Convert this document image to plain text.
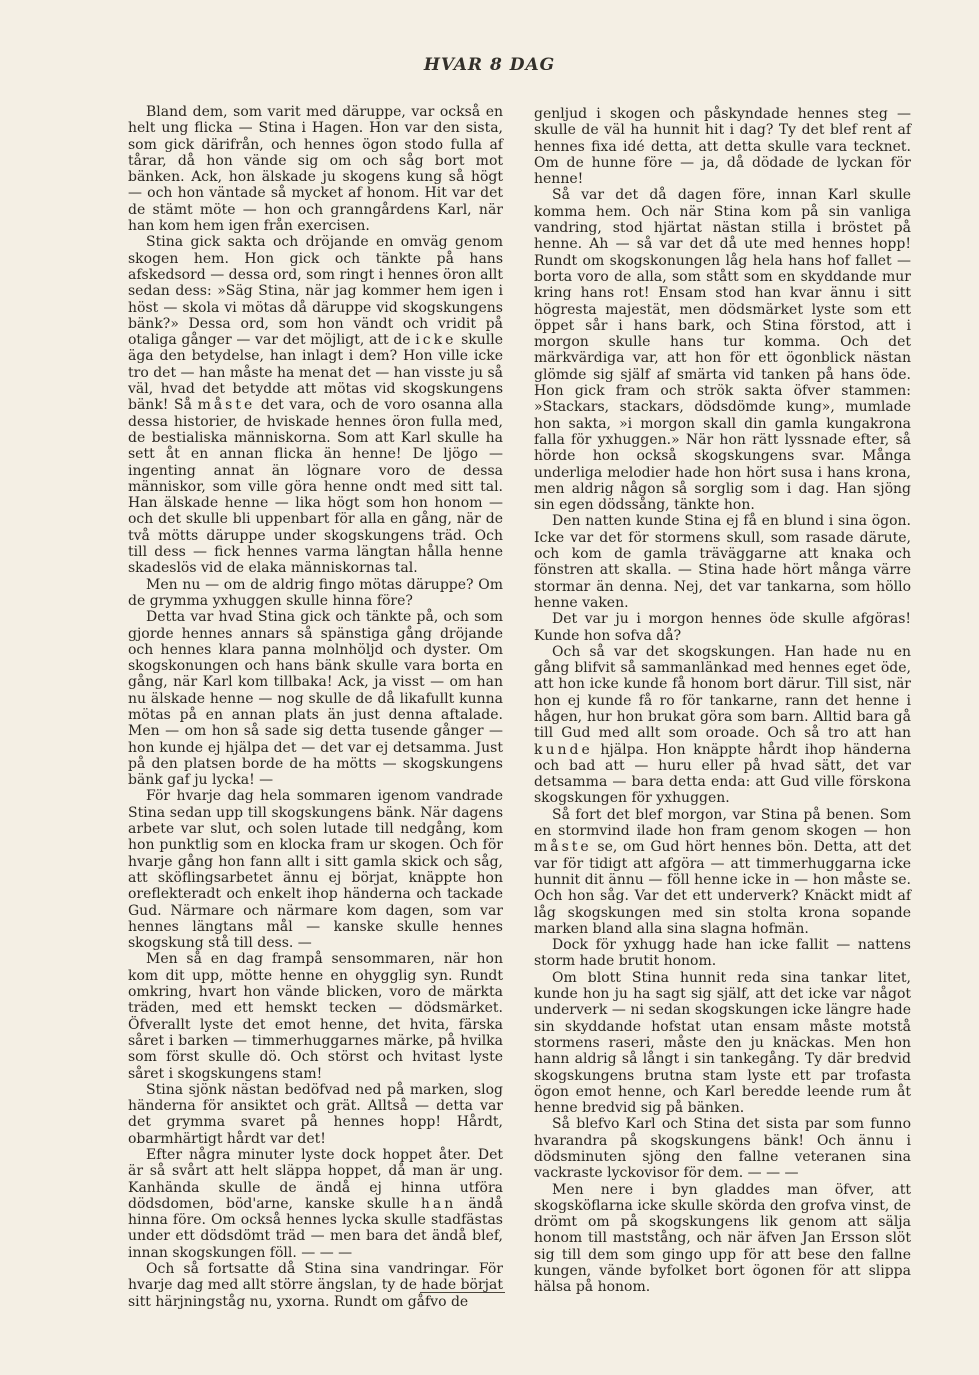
HVAR 8 DAG

Bland dem, som varit med däruppe, var också en helt ung flicka — Stina i Hagen. Hon var den sista, som gick därifrån, och hennes ögon stodo fulla af tårar, då hon vände sig om och såg bort mot bänken. Ack, hon älskade ju skogens kung så högt — och hon väntade så mycket af honom. Hit var det de stämt möte — hon och granngårdens Karl, när han kom hem igen från exercisen.

Stina gick sakta och dröjande en omväg genom skogen hem. Hon gick och tänkte på hans afskedsord — dessa ord, som ringt i hennes öron allt sedan dess: »Säg Stina, när jag kommer hem igen i höst — skola vi mötas då däruppe vid skogskungens bänk?» Dessa ord, som hon vändt och vridit på otaliga gånger — var det möjligt, att de icke skulle äga den betydelse, han inlagt i dem? Hon ville icke tro det — han måste ha menat det — han visste ju så väl, hvad det betydde att mötas vid skogskungens bänk! Så måste det vara, och de voro osanna alla dessa historier, de hviskade hennes öron fulla med, de bestialiska människorna. Som att Karl skulle ha sett åt en annan flicka än henne! De ljögo — ingenting annat än lögnare voro de dessa människor, som ville göra henne ondt med sitt tal. Han älskade henne — lika högt som hon honom — och det skulle bli uppenbart för alla en gång, när de två mötts däruppe under skogskungens träd. Och till dess — fick hennes varma längtan hålla henne skadeslös vid de elaka människornas tal.

Men nu — om de aldrig fingo mötas däruppe? Om de grymma yxhuggen skulle hinna före?

Detta var hvad Stina gick och tänkte på, och som gjorde hennes annars så spänstiga gång dröjande och hennes klara panna molnhöljd och dyster. Om skogskonungen och hans bänk skulle vara borta en gång, när Karl kom tillbaka! Ack, ja visst — om han nu älskade henne — nog skulle de då likafullt kunna mötas på en annan plats än just denna aftalade. Men — om hon så sade sig detta tusende gånger — hon kunde ej hjälpa det — det var ej detsamma. Just på den platsen borde de ha mötts — skogskungens bänk gaf ju lycka! —

För hvarje dag hela sommaren igenom vandrade Stina sedan upp till skogskungens bänk. När dagens arbete var slut, och solen lutade till nedgång, kom hon punktlig som en klocka fram ur skogen. Och för hvarje gång hon fann allt i sitt gamla skick och såg, att sköflingsarbetet ännu ej börjat, knäppte hon oreflekteradt och enkelt ihop händerna och tackade Gud. Närmare och närmare kom dagen, som var hennes längtans mål — kanske skulle hennes skogskung stå till dess. —

Men så en dag frampå sensommaren, när hon kom dit upp, mötte henne en ohygglig syn. Rundt omkring, hvart hon vände blicken, voro de märkta träden, med ett hemskt tecken — dödsmärket. Öfverallt lyste det emot henne, det hvita, färska såret i barken — timmerhuggarnes märke, på hvilka som först skulle dö. Och störst och hvitast lyste såret i skogskungens stam!

Stina sjönk nästan bedöfvad ned på marken, slog händerna för ansiktet och grät. Alltså — detta var det grymma svaret på hennes hopp! Hårdt, obarmhärtigt hårdt var det!

Efter några minuter lyste dock hoppet åter. Det är så svårt att helt släppa hoppet, då man är ung. Kanhända skulle de ändå ej hinna utföra dödsdomen, böd'arne, kanske skulle han ändå hinna före. Om också hennes lycka skulle stadfästas under ett dödsdömt träd — men bara det ändå blef, innan skogskungen föll. — — —

Och så fortsatte då Stina sina vandringar. För hvarje dag med allt större ängslan, ty de hade börjat sitt härjningståg nu, yxorna. Rundt om gåfvo de

genljud i skogen och påskyndade hennes steg — skulle de väl ha hunnit hit i dag? Ty det blef rent af hennes fixa idé detta, att detta skulle vara tecknet. Om de hunne före — ja, då dödade de lyckan för henne!

Så var det då dagen före, innan Karl skulle komma hem. Och när Stina kom på sin vanliga vandring, stod hjärtat nästan stilla i bröstet på henne. Ah — så var det då ute med hennes hopp! Rundt om skogskonungen låg hela hans hof fallet — borta voro de alla, som stått som en skyddande mur kring hans rot! Ensam stod han kvar ännu i sitt högresta majestät, men dödsmärket lyste som ett öppet sår i hans bark, och Stina förstod, att i morgon skulle hans tur komma. Och det märkvärdiga var, att hon för ett ögonblick nästan glömde sig själf af smärta vid tanken på hans öde. Hon gick fram och strök sakta öfver stammen: »Stackars, stackars, dödsdömde kung», mumlade hon sakta, »i morgon skall din gamla kungakrona falla för yxhuggen.» När hon rätt lyssnade efter, så hörde hon också skogskungens svar. Många underliga melodier hade hon hört susa i hans krona, men aldrig någon så sorglig som i dag. Han sjöng sin egen dödssång, tänkte hon.

Den natten kunde Stina ej få en blund i sina ögon. Icke var det för stormens skull, som rasade därute, och kom de gamla träväggarne att knaka och fönstren att skalla. — Stina hade hört många värre stormar än denna. Nej, det var tankarna, som höllo henne vaken.

Det var ju i morgon hennes öde skulle afgöras! Kunde hon sofva då?

Och så var det skogskungen. Han hade nu en gång blifvit så sammanlänkad med hennes eget öde, att hon icke kunde få honom bort därur. Till sist, när hon ej kunde få ro för tankarne, rann det henne i hågen, hur hon brukat göra som barn. Alltid bara gå till Gud med allt som oroade. Och så tro att han kunde hjälpa. Hon knäppte hårdt ihop händerna och bad att — huru eller på hvad sätt, det var detsamma — bara detta enda: att Gud ville förskona skogskungen för yxhuggen.

Så fort det blef morgon, var Stina på benen. Som en stormvind ilade hon fram genom skogen — hon måste se, om Gud hört hennes bön. Detta, att det var för tidigt att afgöra — att timmerhuggarna icke hunnit dit ännu — föll henne icke in — hon måste se. Och hon såg. Var det ett underverk? Knäckt midt af låg skogskungen med sin stolta krona sopande marken bland alla sina slagna hofmän.

Dock för yxhugg hade han icke fallit — nattens storm hade brutit honom.

Om blott Stina hunnit reda sina tankar litet, kunde hon ju ha sagt sig själf, att det icke var något underverk — ni sedan skogskungen icke längre hade sin skyddande hofstat utan ensam måste motstå stormens raseri, måste den ju knäckas. Men hon hann aldrig så långt i sin tankegång. Ty där bredvid skogskungens brutna stam lyste ett par trofasta ögon emot henne, och Karl beredde leende rum åt henne bredvid sig på bänken.

Så blefvo Karl och Stina det sista par som funno hvarandra på skogskungens bänk! Och ännu i dödsminuten sjöng den fallne veteranen sina vackraste lyckovisor för dem. — — —

Men nere i byn gladdes man öfver, att skogsköflarna icke skulle skörda den grofva vinst, de drömt om på skogskungens lik genom att sälja honom till maststång, och när äfven Jan Ersson slöt sig till dem som gingo upp för att bese den fallne kungen, vände byfolket bort ögonen för att slippa hälsa på honom.
